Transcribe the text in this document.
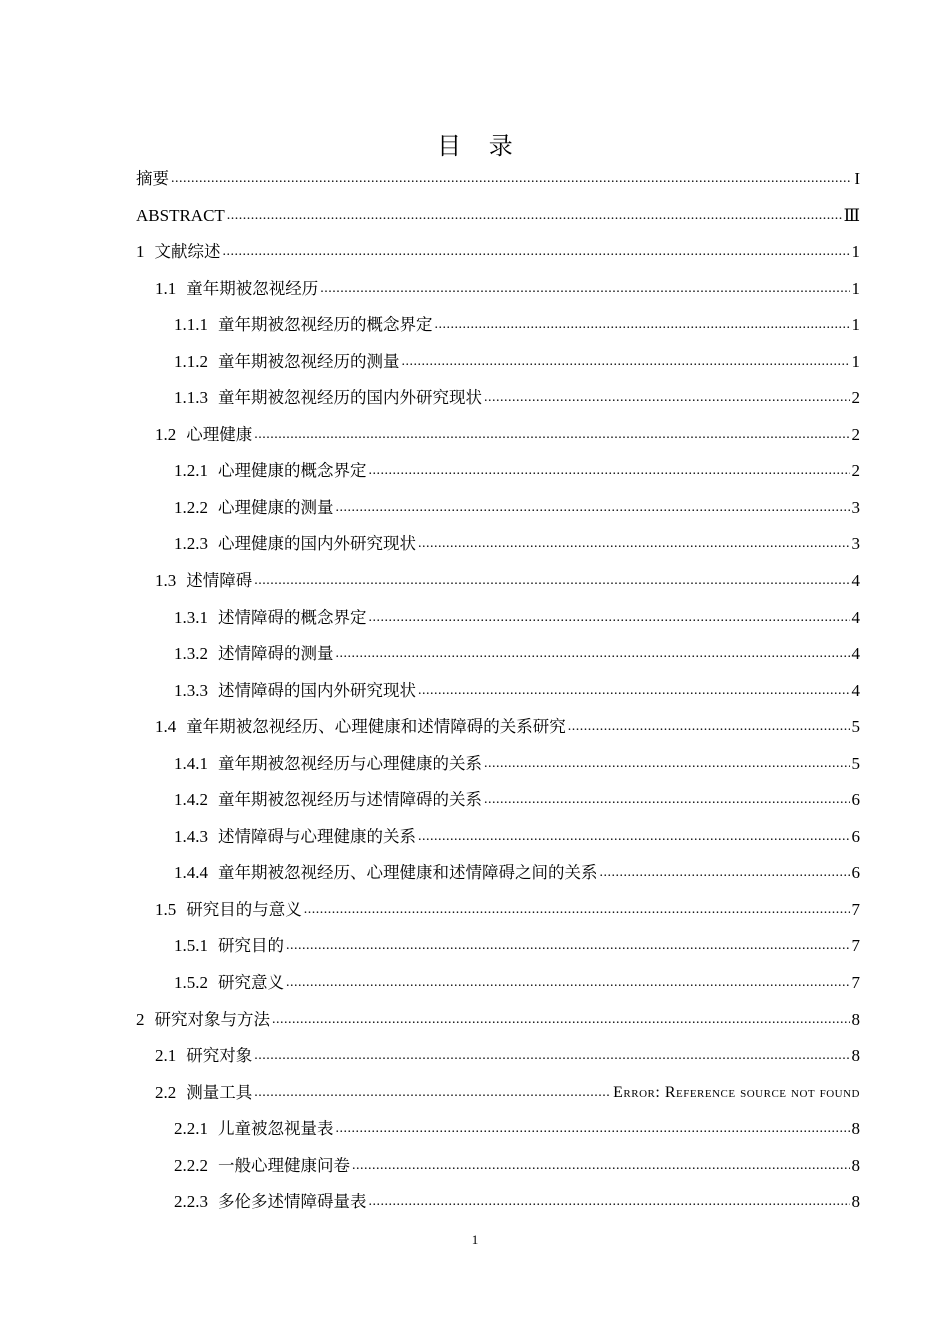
目 录
摘要 .....	I
ABSTRACT .....	Ⅲ
1 文献综述 .....	1
1.1 童年期被忽视经历 .....	1
1.1.1 童年期被忽视经历的概念界定 .....	1
1.1.2 童年期被忽视经历的测量 .....	1
1.1.3 童年期被忽视经历的国内外研究现状 .....	2
1.2 心理健康 .....	2
1.2.1 心理健康的概念界定 .....	2
1.2.2 心理健康的测量 .....	3
1.2.3 心理健康的国内外研究现状 .....	3
1.3 述情障碍 .....	4
1.3.1 述情障碍的概念界定 .....	4
1.3.2 述情障碍的测量 .....	4
1.3.3 述情障碍的国内外研究现状 .....	4
1.4 童年期被忽视经历、心理健康和述情障碍的关系研究 .....	5
1.4.1 童年期被忽视经历与心理健康的关系 .....	5
1.4.2 童年期被忽视经历与述情障碍的关系 .....	6
1.4.3 述情障碍与心理健康的关系 .....	6
1.4.4 童年期被忽视经历、心理健康和述情障碍之间的关系 .....	6
1.5 研究目的与意义 .....	7
1.5.1 研究目的 .....	7
1.5.2 研究意义 .....	7
2 研究对象与方法 .....	8
2.1 研究对象 .....	8
2.2 测量工具 .....	Error: Reference source not found
2.2.1 儿童被忽视量表 .....	8
2.2.2 一般心理健康问卷 .....	8
2.2.3 多伦多述情障碍量表 .....	8
1
